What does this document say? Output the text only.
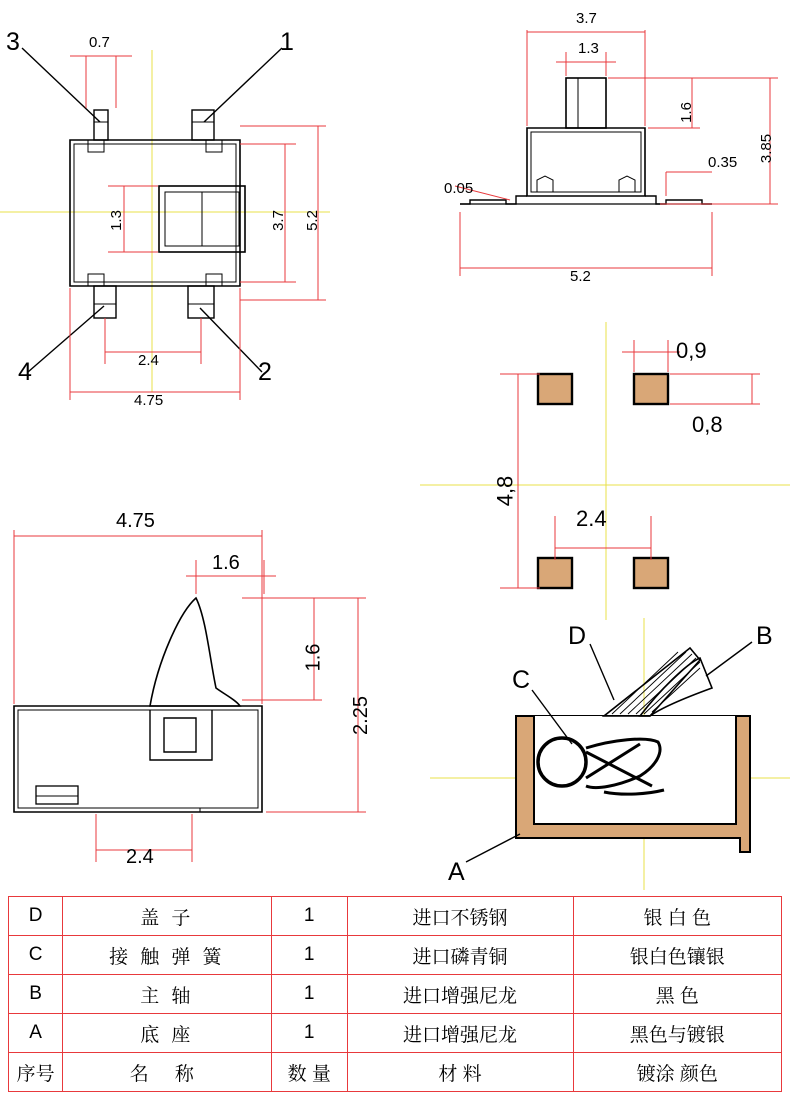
3	1
4	2
0.7
1.3	3.7 5.2
2.4
4.75
3.7
1.3
1.6
3.85
0.35
0.05
5.2
0,9
0,8
4,8
2.4
4.75
1.6
1.6
2.25
2.4
D	B
C
A
D	盖 子	1	进口不锈钢	银 白 色
C	接 触 弹 簧	1	进口磷青铜	银白色镶银
B	主 轴	1	进口增强尼龙	黑 色
A	底 座	1	进口增强尼龙	黑色与镀银
序号	名 称	数 量	材 料	镀涂 颜色
